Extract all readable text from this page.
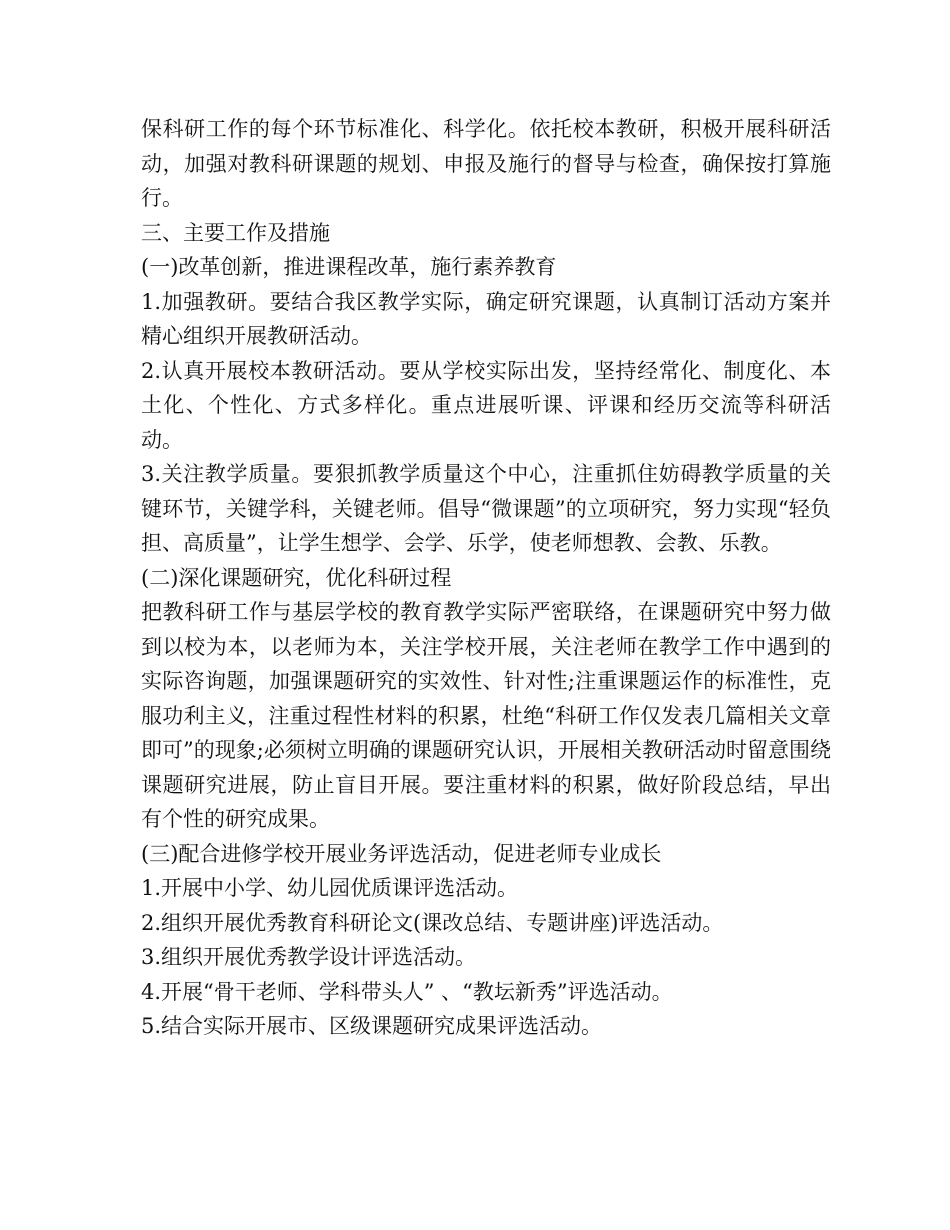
保科研工作的每个环节标准化、科学化。依托校本教研，积极开展科研活动，加强对教科研课题的规划、申报及施行的督导与检查，确保按打算施行。

三、主要工作及措施

(一)改革创新，推进课程改革，施行素养教育

1.加强教研。要结合我区教学实际，确定研究课题，认真制订活动方案并精心组织开展教研活动。

2.认真开展校本教研活动。要从学校实际出发，坚持经常化、制度化、本土化、个性化、方式多样化。重点进展听课、评课和经历交流等科研活动。

3.关注教学质量。要狠抓教学质量这个中心，注重抓住妨碍教学质量的关键环节，关键学科，关键老师。倡导“微课题”的立项研究，努力实现“轻负担、高质量”，让学生想学、会学、乐学，使老师想教、会教、乐教。

(二)深化课题研究，优化科研过程

把教科研工作与基层学校的教育教学实际严密联络，在课题研究中努力做到以校为本，以老师为本，关注学校开展，关注老师在教学工作中遇到的实际咨询题，加强课题研究的实效性、针对性;注重课题运作的标准性，克服功利主义，注重过程性材料的积累，杜绝“科研工作仅发表几篇相关文章即可”的现象;必须树立明确的课题研究认识，开展相关教研活动时留意围绕课题研究进展，防止盲目开展。要注重材料的积累，做好阶段总结，早出有个性的研究成果。

(三)配合进修学校开展业务评选活动，促进老师专业成长

1.开展中小学、幼儿园优质课评选活动。

2.组织开展优秀教育科研论文(课改总结、专题讲座)评选活动。

3.组织开展优秀教学设计评选活动。

4.开展“骨干老师、学科带头人” 、“教坛新秀”评选活动。

5.结合实际开展市、区级课题研究成果评选活动。
